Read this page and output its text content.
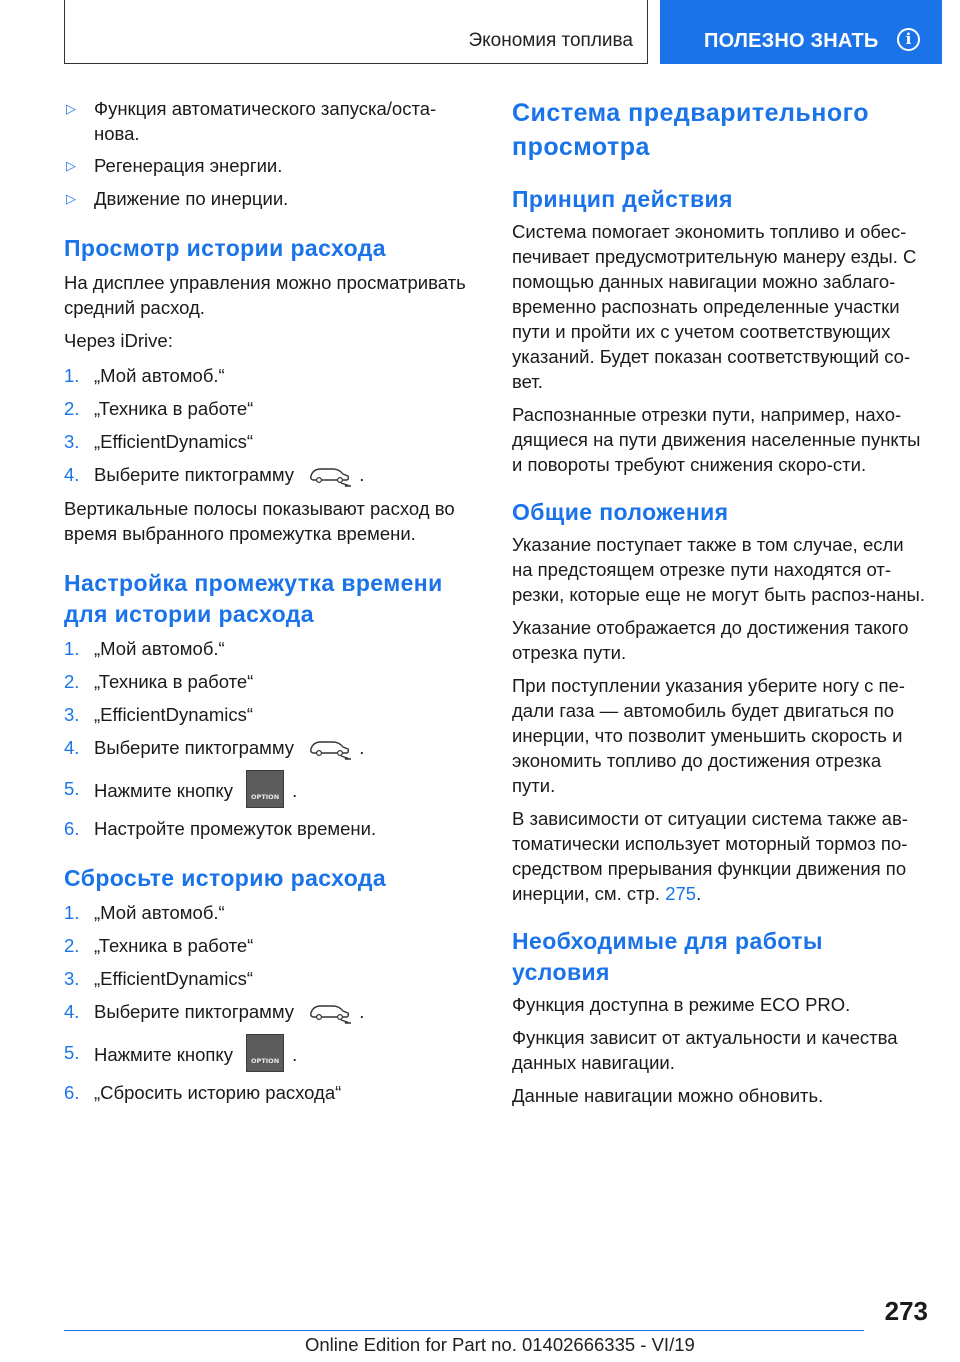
Экономия топлива	ПОЛЕЗНО ЗНАТЬ	i
▷ Функция автоматического запуска/оста-нова.
▷ Регенерация энергии.
▷ Движение по инерции.
Просмотр истории расхода

На дисплее управления можно просматривать средний расход.

Через iDrive:

1. „Мой автомоб.“
2. „Техника в работе“
3. „EfficientDynamics“
4. Выберите пиктограмму	.

Вертикальные полосы показывают расход во время выбранного промежутка времени.

Настройка промежутка времени для истории расхода
1. „Мой автомоб.“
2. „Техника в работе“
3. „EfficientDynamics“
4. Выберите пиктограмму	.
5. Нажмите кнопку	OPTION .
6. Настройте промежуток времени.
Сбросьте историю расхода
1. „Мой автомоб.“
2. „Техника в работе“
3. „EfficientDynamics“
4. Выберите пиктограмму	.
5. Нажмите кнопку	OPTION .
6. „Сбросить историю расхода“
Система предварительного просмотра
Принцип действия

Система помогает экономить топливо и обес-печивает предусмотрительную манеру езды. С помощью данных навигации можно заблаго-временно распознать определенные участки пути и пройти их с учетом соответствующих указаний. Будет показан соответствующий со-вет.

Распознанные отрезки пути, например, нахо-дящиеся на пути движения населенные пункты и повороты требуют снижения скоро-сти.

Общие положения

Указание поступает также в том случае, если на предстоящем отрезке пути находятся от-резки, которые еще не могут быть распоз-наны.

Указание отображается до достижения такого отрезка пути.

При поступлении указания уберите ногу с пе-дали газа — автомобиль будет двигаться по инерции, что позволит уменьшить скорость и экономить топливо до достижения отрезка пути.

В зависимости от ситуации система также ав-томатически использует моторный тормоз по-средством прерывания функции движения по инерции, см. стр. 275.

Необходимые для работы условия

Функция доступна в режиме ECO PRO.

Функция зависит от актуальности и качества данных навигации.

Данные навигации можно обновить.

273
Online Edition for Part no. 01402666335 - VI/19
